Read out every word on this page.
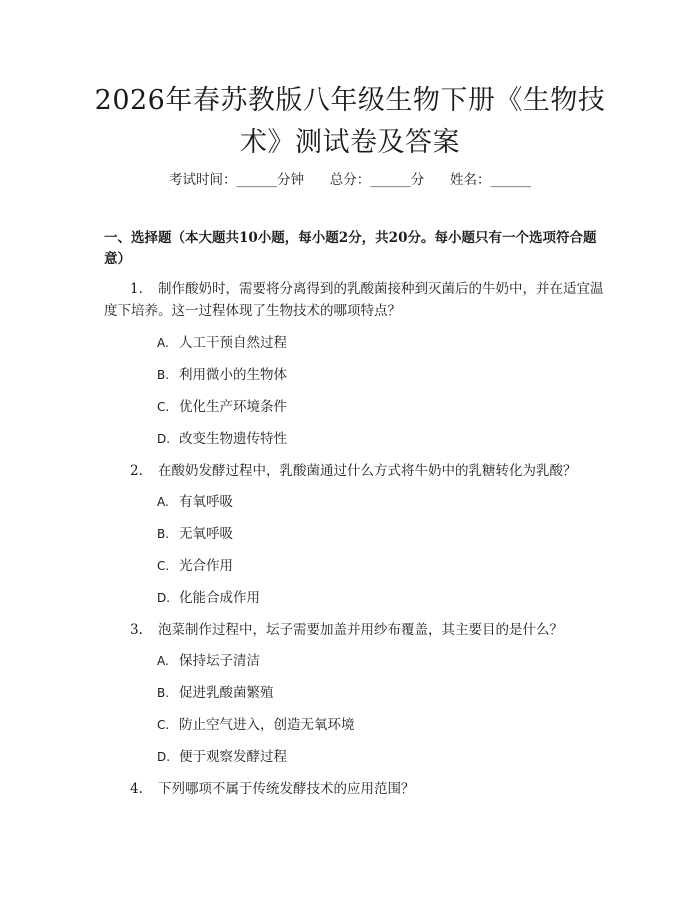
2026年春苏教版八年级生物下册《生物技术》测试卷及答案
考试时间：______分钟      总分：______分      姓名：______
一、选择题（本大题共10小题，每小题2分，共20分。每小题只有一个选项符合题意）
1. 制作酸奶时，需要将分离得到的乳酸菌接种到灭菌后的牛奶中，并在适宜温度下培养。这一过程体现了生物技术的哪项特点？
A. 人工干预自然过程
B. 利用微小的生物体
C. 优化生产环境条件
D. 改变生物遗传特性
2. 在酸奶发酵过程中，乳酸菌通过什么方式将牛奶中的乳糖转化为乳酸？
A. 有氧呼吸
B. 无氧呼吸
C. 光合作用
D. 化能合成作用
3. 泡菜制作过程中，坛子需要加盖并用纱布覆盖，其主要目的是什么？
A. 保持坛子清洁
B. 促进乳酸菌繁殖
C. 防止空气进入，创造无氧环境
D. 便于观察发酵过程
4. 下列哪项不属于传统发酵技术的应用范围？
